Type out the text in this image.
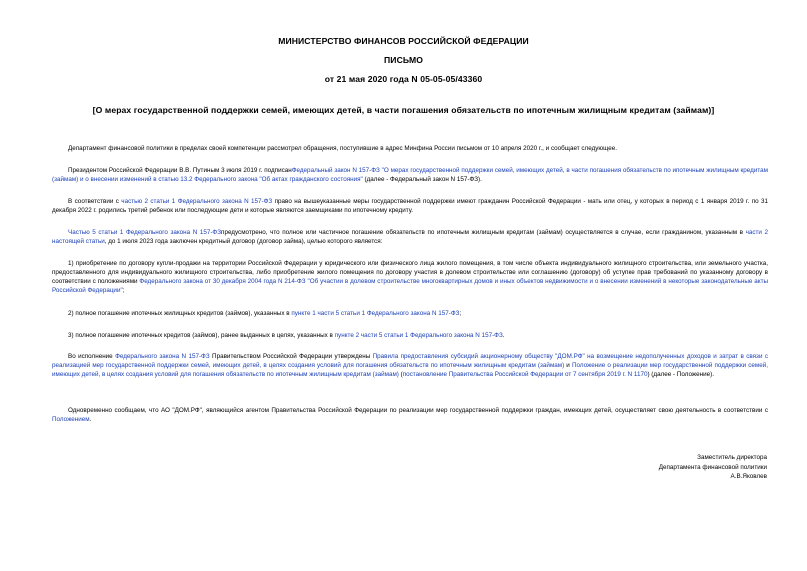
МИНИСТЕРСТВО ФИНАНСОВ РОССИЙСКОЙ ФЕДЕРАЦИИ
ПИСЬМО
от 21 мая 2020 года N 05-05-05/43360
[О мерах государственной поддержки семей, имеющих детей, в части погашения обязательств по ипотечным жилищным кредитам (займам)]
Департамент финансовой политики в пределах своей компетенции рассмотрел обращения, поступившие в адрес Минфина России письмом от 10 апреля 2020 г., и сообщает следующее.
Президентом Российской Федерации В.В. Путиным 3 июля 2019 г. подписанФедеральный закон N 157-ФЗ "О мерах государственной поддержки семей, имеющих детей, в части погашения обязательств по ипотечным жилищным кредитам (займам) и о внесении изменений в статью 13.2 Федерального закона "Об актах гражданского состояния" (далее - Федеральный закон N 157-ФЗ).
В соответствии с частью 2 статьи 1 Федерального закона N 157-ФЗ право на вышеуказанные меры государственной поддержки имеют гражданин Российской Федерации - мать или отец, у которых в период с 1 января 2019 г. по 31 декабря 2022 г. родились третий ребенок или последующие дети и которые являются заемщиками по ипотечному кредиту.
Частью 5 статьи 1 Федерального закона N 157-ФЗпредусмотрено, что полное или частичное погашение обязательств по ипотечным жилищным кредитам (займам) осуществляется в случае, если гражданином, указанным в части 2 настоящей статьи, до 1 июля 2023 года заключен кредитный договор (договор займа), целью которого является:
1) приобретение по договору купли-продажи на территории Российской Федерации у юридического или физического лица жилого помещения, в том числе объекта индивидуального жилищного строительства, или земельного участка, предоставленного для индивидуального жилищного строительства, либо приобретение жилого помещения по договору участия в долевом строительстве или соглашению (договору) об уступке прав требований по указанному договору в соответствии с положениями Федерального закона от 30 декабря 2004 года N 214-ФЗ "Об участии в долевом строительстве многоквартирных домов и иных объектов недвижимости и о внесении изменений в некоторые законодательные акты Российской Федерации";
2) полное погашение ипотечных жилищных кредитов (займов), указанных в пункте 1 части 5 статьи 1 Федерального закона N 157-ФЗ;
3) полное погашение ипотечных кредитов (займов), ранее выданных в целях, указанных в пункте 2 части 5 статьи 1 Федерального закона N 157-ФЗ.
Во исполнение Федерального закона N 157-ФЗ Правительством Российской Федерации утверждены Правила предоставления субсидий акционерному обществу "ДОМ.РФ" на возмещение недополученных доходов и затрат в связи с реализацией мер государственной поддержки семей, имеющих детей, в целях создания условий для погашения обязательств по ипотечным жилищным кредитам (займам) и Положение о реализации мер государственной поддержки семей, имеющих детей, в целях создания условий для погашения обязательств по ипотечным жилищным кредитам (займам) (постановление Правительства Российской Федерации от 7 сентября 2019 г. N 1170) (далее - Положение).
Одновременно сообщаем, что АО "ДОМ.РФ", являющийся агентом Правительства Российской Федерации по реализации мер государственной поддержки граждан, имеющих детей, осуществляет свою деятельность в соответствии с Положением.
Заместитель директора
Департамента финансовой политики
А.В.Яковлев
